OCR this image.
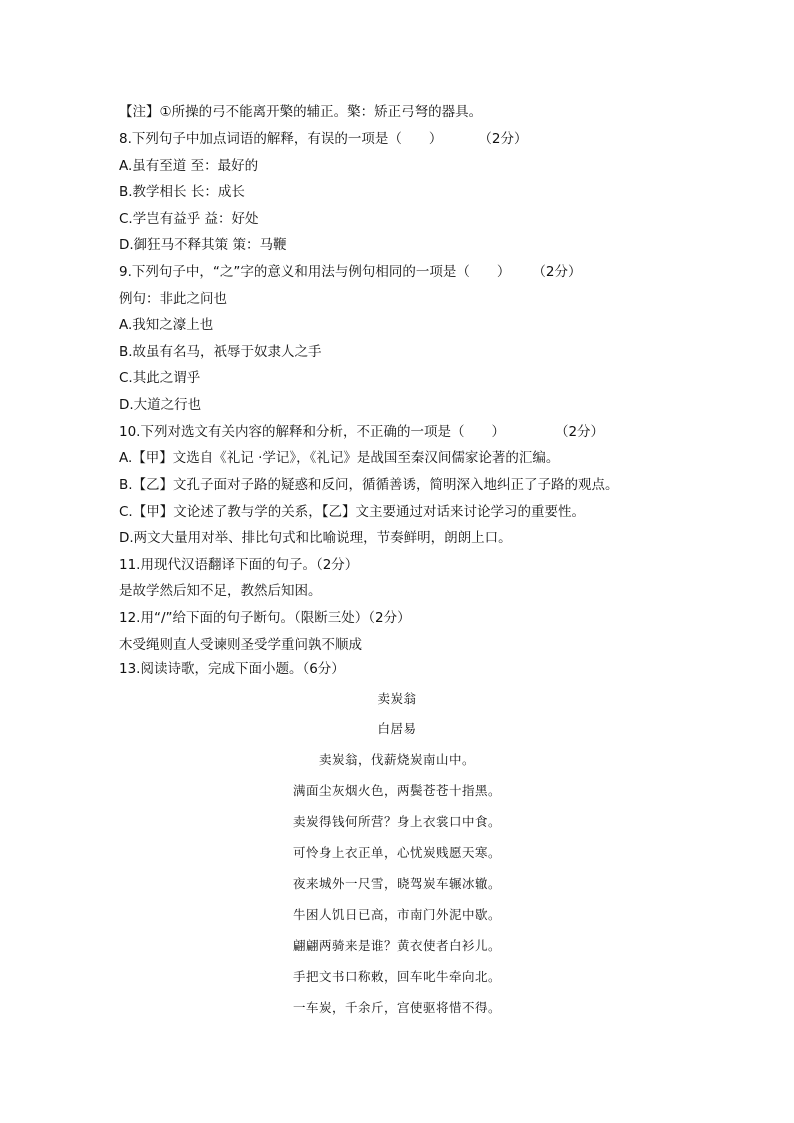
【注】①所操的弓不能离开檠的辅正。檠：矫正弓弩的器具。
8.下列句子中加点词语的解释，有误的一项是（　　）	（2分）
A.虽有至道 至：最好的
B.教学相长 长：成长
C.学岂有益乎 益：好处
D.御狂马不释其策 策：马鞭
9.下列句子中，“之”字的意义和用法与例句相同的一项是（　　） （2分）
例句：非此之问也
A.我知之濠上也
B.故虽有名马，祇辱于奴隶人之手
C.其此之谓乎
D.大道之行也
10.下列对选文有关内容的解释和分析，不正确的一项是（　　）	（2分）
A.【甲】文选自《礼记 ·学记》，《礼记》是战国至秦汉间儒家论著的汇编。
B.【乙】文孔子面对子路的疑惑和反问，循循善诱，简明深入地纠正了子路的观点。
C.【甲】文论述了教与学的关系，【乙】文主要通过对话来讨论学习的重要性。
D.两文大量用对举、排比句式和比喻说理，节奏鲜明，朗朗上口。
11.用现代汉语翻译下面的句子。（2分）
是故学然后知不足，教然后知困。
12.用“/”给下面的句子断句。（限断三处）（2分）
木受绳则直人受谏则圣受学重问孰不顺成
13.阅读诗歌，完成下面小题。（6分）
卖炭翁
白居易
卖炭翁，伐薪烧炭南山中。
满面尘灰烟火色，两鬓苍苍十指黑。
卖炭得钱何所营？身上衣裳口中食。
可怜身上衣正单，心忧炭贱愿天寒。
夜来城外一尺雪，晓驾炭车辗冰辙。
牛困人饥日已高，市南门外泥中歇。
翩翩两骑来是谁？黄衣使者白衫儿。
手把文书口称敕，回车叱牛牵向北。
一车炭，千余斤，宫使驱将惜不得。
